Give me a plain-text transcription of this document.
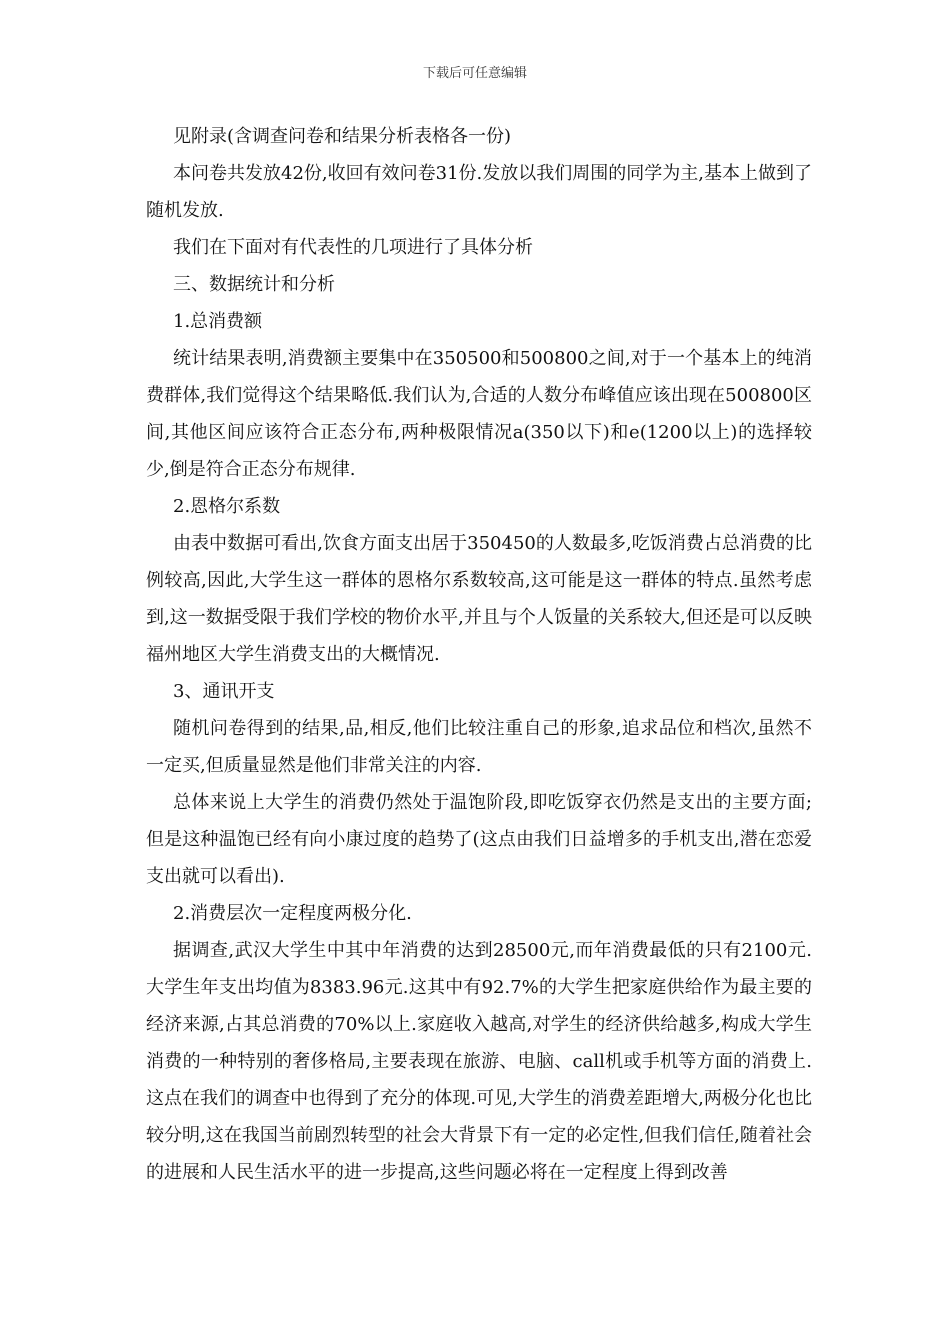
下载后可任意编辑

见附录(含调查问卷和结果分析表格各一份)

本问卷共发放42份,收回有效问卷31份.发放以我们周围的同学为主,基本上做到了随机发放.

我们在下面对有代表性的几项进行了具体分析

三、数据统计和分析

1.总消费额

统计结果表明,消费额主要集中在350500和500800之间,对于一个基本上的纯消费群体,我们觉得这个结果略低.我们认为,合适的人数分布峰值应该出现在500800区间,其他区间应该符合正态分布,两种极限情况a(350以下)和e(1200以上)的选择较少,倒是符合正态分布规律.

2.恩格尔系数

由表中数据可看出,饮食方面支出居于350450的人数最多,吃饭消费占总消费的比例较高,因此,大学生这一群体的恩格尔系数较高,这可能是这一群体的特点.虽然考虑到,这一数据受限于我们学校的物价水平,并且与个人饭量的关系较大,但还是可以反映福州地区大学生消费支出的大概情况.

3、通讯开支

随机问卷得到的结果,品,相反,他们比较注重自己的形象,追求品位和档次,虽然不一定买,但质量显然是他们非常关注的内容.

总体来说上大学生的消费仍然处于温饱阶段,即吃饭穿衣仍然是支出的主要方面;但是这种温饱已经有向小康过度的趋势了(这点由我们日益增多的手机支出,潜在恋爱支出就可以看出).

2.消费层次一定程度两极分化.

据调查,武汉大学生中其中年消费的达到28500元,而年消费最低的只有2100元.大学生年支出均值为8383.96元.这其中有92.7%的大学生把家庭供给作为最主要的经济来源,占其总消费的70%以上.家庭收入越高,对学生的经济供给越多,构成大学生消费的一种特别的奢侈格局,主要表现在旅游、电脑、call机或手机等方面的消费上.这点在我们的调查中也得到了充分的体现.可见,大学生的消费差距增大,两极分化也比较分明,这在我国当前剧烈转型的社会大背景下有一定的必定性,但我们信任,随着社会的进展和人民生活水平的进一步提高,这些问题必将在一定程度上得到改善
